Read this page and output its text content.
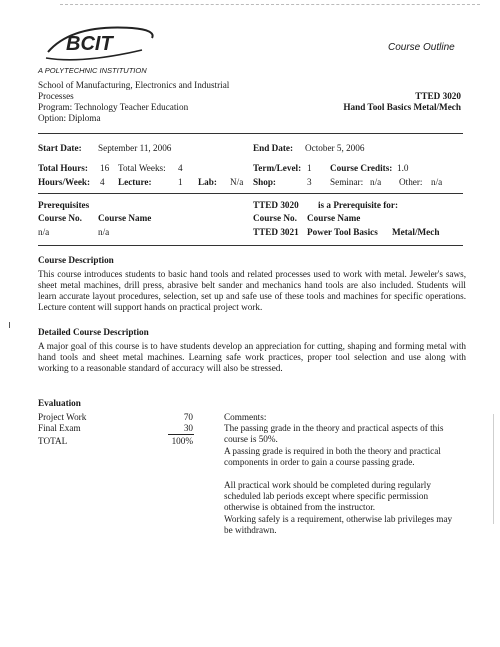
BCIT
A POLYTECHNIC INSTITUTION
Course Outline
School of Manufacturing, Electronics and Industrial
Processes
Program: Technology Teacher Education
Option: Diploma
TTED 3020
Hand Tool Basics Metal/Mech
Start Date: September 11, 2006	End Date: October 5, 2006
Total Hours: 16 Total Weeks: 4	Term/Level: 1 Course Credits: 1.0
Hours/Week: 4 Lecture:	1 Lab: N/a Shop:	3 Seminar: n/a Other: n/a
Prerequisites
Course No. Course Name
n/a	n/a
TTED 3020 is a Prerequisite for:
Course No. Course Name
TTED 3021 Power Tool Basics Metal/Mech
Course Description
This course introduces students to basic hand tools and related processes used to work with metal. Jeweler's saws, sheet metal machines, drill press, abrasive belt sander and mechanics hand tools are also included. Students will learn accurate layout procedures, selection, set up and safe use of these tools and machines for specific operations. Lecture content will support hands on practical project work.
Detailed Course Description
A major goal of this course is to have students develop an appreciation for cutting, shaping and forming metal with hand tools and sheet metal machines. Learning safe work practices, proper tool selection and use along with working to a reasonable standard of accuracy will also be stressed.
Evaluation
Project Work	70
Final Exam	30
TOTAL	100%
Comments:
The passing grade in the theory and practical aspects of this course is 50%.
A passing grade is required in both the theory and practical components in order to gain a course passing grade.
All practical work should be completed during regularly scheduled lab periods except where specific permission otherwise is obtained from the instructor.
Working safely is a requirement, otherwise lab privileges may be withdrawn.
